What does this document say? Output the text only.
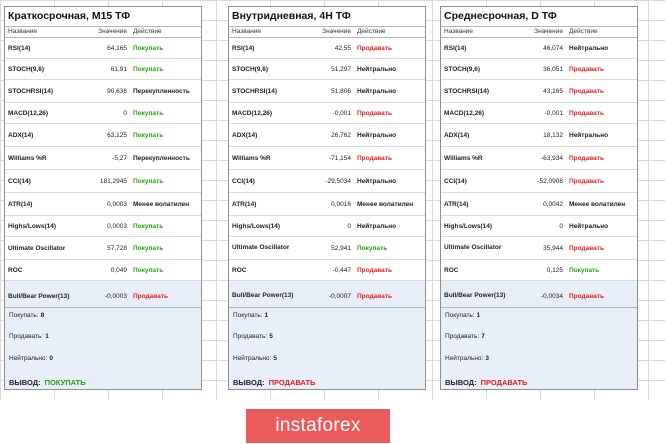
Краткосрочная, M15 ТФ
Название	Значение Действие
RSI(14)	64,165 Покупать
STOCH(9,6)	61,91 Покупать
STOCHRSI(14)	90,636 Перекупленность
MACD(12,26)	0 Покупать
ADX(14)	63,125 Покупать
Williams %R	-5,27 Перекупленность
CCI(14)	181,2945 Покупать
ATR(14)	0,0003 Менее волатилен
Highs/Lows(14)	0,0003 Покупать
Ultimate Oscillator	57,728 Покупать
ROC	0,049 Покупать
Bull/Bear Power(13)	-0,0003 Продавать
Покупать: 8
Продавать: 1
Нейтрально: 0
ВЫВОД: ПОКУПАТЬ
Внутридневная, 4H ТФ
Название	Значение Действие
RSI(14)	42,55 Продавать
STOCH(9,6)	51,297 Нейтрально
STOCHRSI(14)	51,806 Нейтрально
MACD(12,26)	-0,001 Продавать
ADX(14)	26,762 Нейтрально
Williams %R	-71,154 Продавать
CCI(14)	-29,5034 Нейтрально
ATR(14)	0,0016 Менее волатилен
Highs/Lows(14)	0 Нейтрально
Ultimate Oscillator	52,941 Покупать
ROC	-0,447 Продавать
Bull/Bear Power(13)	-0,0007 Продавать
Покупать: 1
Продавать: 5
Нейтрально: 5
ВЫВОД: ПРОДАВАТЬ
Среднесрочная, D ТФ
Название	Значение Действие
RSI(14)	46,074 Нейтрально
STOCH(9,6)	36,051 Продавать
STOCHRSI(14)	43,165 Продавать
MACD(12,26)	-0,001 Продавать
ADX(14)	18,132 Нейтрально
Williams %R	-63,934 Продавать
CCI(14)	-52,0908 Продавать
ATR(14)	0,0042 Менее волатилен
Highs/Lows(14)	0 Нейтрально
Ultimate Oscillator	35,944 Продавать
ROC	0,125 Покупать
Bull/Bear Power(13)	-0,0034 Продавать
Покупать: 1
Продавать: 7
Нейтрально: 3
ВЫВОД: ПРОДАВАТЬ
instaforex
